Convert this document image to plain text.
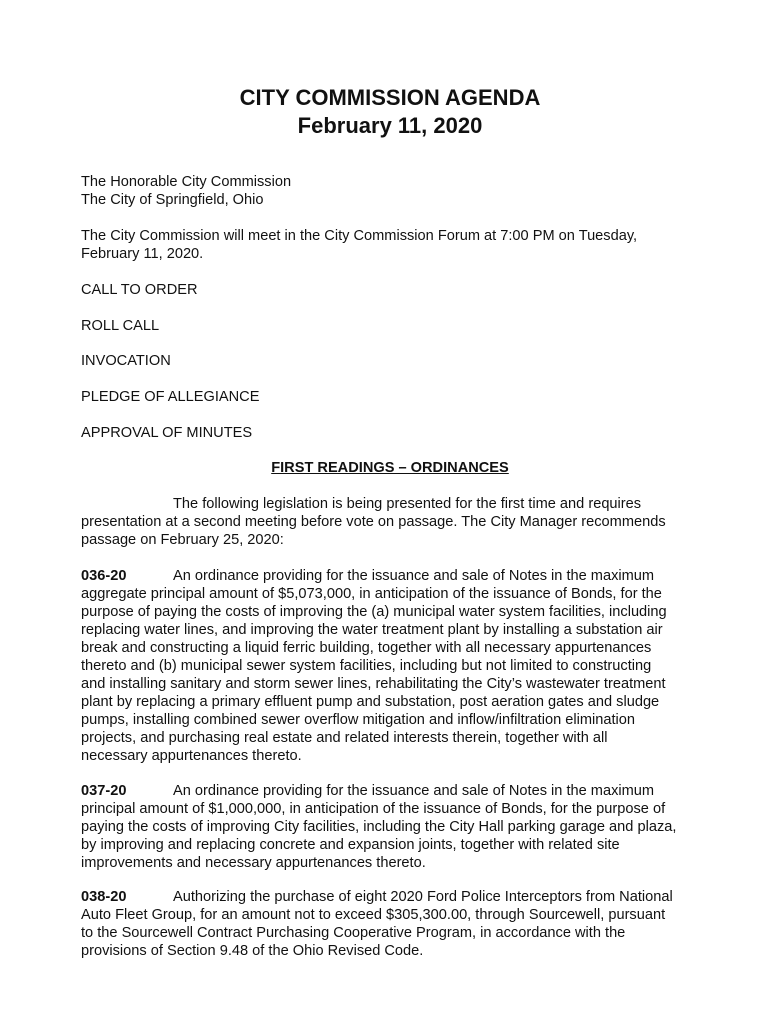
CITY COMMISSION AGENDA
February 11, 2020
The Honorable City Commission
The City of Springfield, Ohio
The City Commission will meet in the City Commission Forum at 7:00 PM on Tuesday,
February 11, 2020.
CALL TO ORDER
ROLL CALL
INVOCATION
PLEDGE OF ALLEGIANCE
APPROVAL OF MINUTES
FIRST READINGS – ORDINANCES
The following legislation is being presented for the first time and requires
presentation at a second meeting before vote on passage. The City Manager recommends
passage on February 25, 2020:
036-20	An ordinance providing for the issuance and sale of Notes in the maximum
aggregate principal amount of $5,073,000, in anticipation of the issuance of Bonds, for the
purpose of paying the costs of improving the (a) municipal water system facilities, including
replacing water lines, and improving the water treatment plant by installing a substation air
break and constructing a liquid ferric building, together with all necessary appurtenances
thereto and (b) municipal sewer system facilities, including but not limited to constructing
and installing sanitary and storm sewer lines, rehabilitating the City’s wastewater treatment
plant by replacing a primary effluent pump and substation, post aeration gates and sludge
pumps, installing combined sewer overflow mitigation and inflow/infiltration elimination
projects, and purchasing real estate and related interests therein, together with all
necessary appurtenances thereto.
037-20	An ordinance providing for the issuance and sale of Notes in the maximum
principal amount of $1,000,000, in anticipation of the issuance of Bonds, for the purpose of
paying the costs of improving City facilities, including the City Hall parking garage and plaza,
by improving and replacing concrete and expansion joints, together with related site
improvements and necessary appurtenances thereto.
038-20	Authorizing the purchase of eight 2020 Ford Police Interceptors from National
Auto Fleet Group, for an amount not to exceed $305,300.00, through Sourcewell, pursuant
to the Sourcewell Contract Purchasing Cooperative Program, in accordance with the
provisions of Section 9.48 of the Ohio Revised Code.
